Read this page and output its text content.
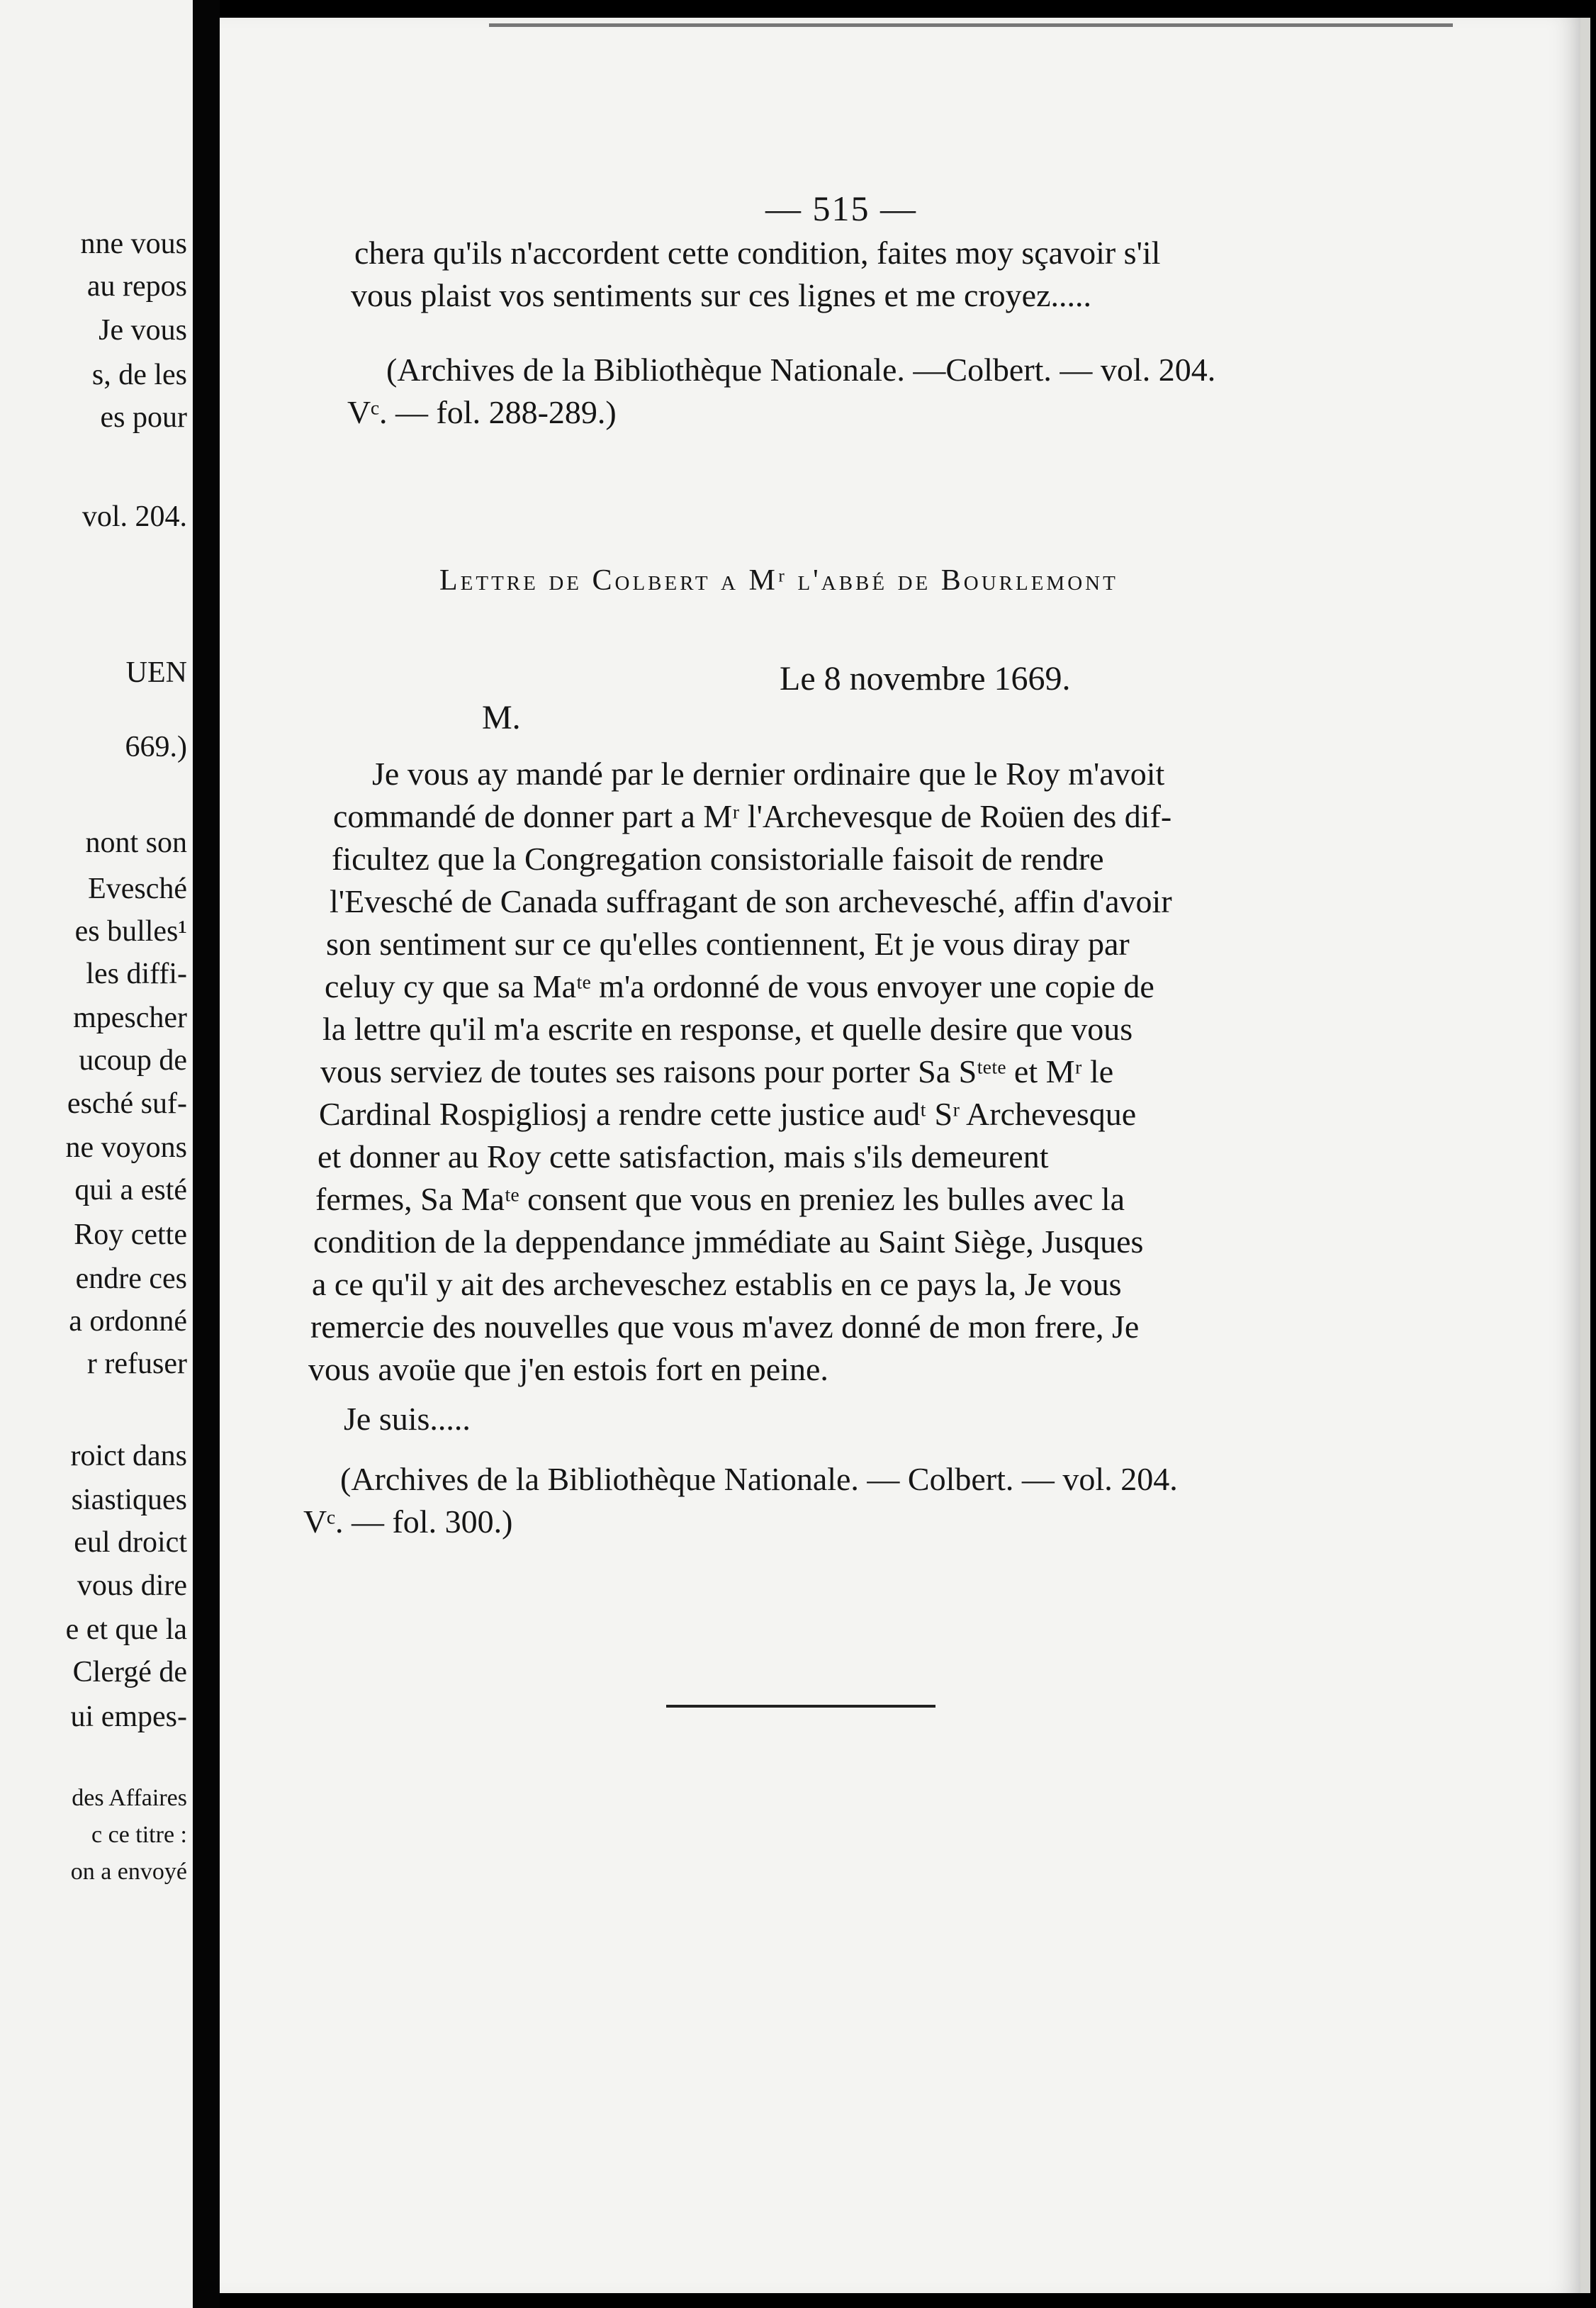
nne vous
au repos
Je vous
s, de les
es pour
vol. 204.
UEN
669.)
nont son
Evesché
es bulles¹
les diffi-
mpescher
ucoup de
esché suf-
ne voyons
qui a esté
Roy cette
endre ces
a ordonné
r refuser
roict dans
siastiques
eul droict
vous dire
e et que la
Clergé de
ui empes-
des Affaires
c ce titre :
on a envoyé
— 515 —
chera qu'ils n'accordent cette condition, faites moy sçavoir s'il
vous plaist vos sentiments sur ces lignes et me croyez.....
(Archives de la Bibliothèque Nationale. —Colbert. — vol. 204.
Vᶜ. — fol. 288-289.)
Lettre de Colbert a Mʳ l'abbé de Bourlemont
Le 8 novembre 1669.
M.
Je vous ay mandé par le dernier ordinaire que le Roy m'avoit
commandé de donner part a Mʳ l'Archevesque de Roüen des dif-
ficultez que la Congregation consistorialle faisoit de rendre
l'Evesché de Canada suffragant de son archevesché, affin d'avoir
son sentiment sur ce qu'elles contiennent, Et je vous diray par
celuy cy que sa Maᵗᵉ m'a ordonné de vous envoyer une copie de
la lettre qu'il m'a escrite en response, et quelle desire que vous
vous serviez de toutes ses raisons pour porter Sa Sᵗᵉᵗᵉ et Mʳ le
Cardinal Rospigliosj a rendre cette justice audᵗ Sʳ Archevesque
et donner au Roy cette satisfaction, mais s'ils demeurent
fermes, Sa Maᵗᵉ consent que vous en preniez les bulles avec la
condition de la deppendance jmmédiate au Saint Siège, Jusques
a ce qu'il y ait des archeveschez establis en ce pays la, Je vous
remercie des nouvelles que vous m'avez donné de mon frere, Je
vous avoüe que j'en estois fort en peine.
Je suis.....
(Archives de la Bibliothèque Nationale. — Colbert. — vol. 204.
Vᶜ. — fol. 300.)
